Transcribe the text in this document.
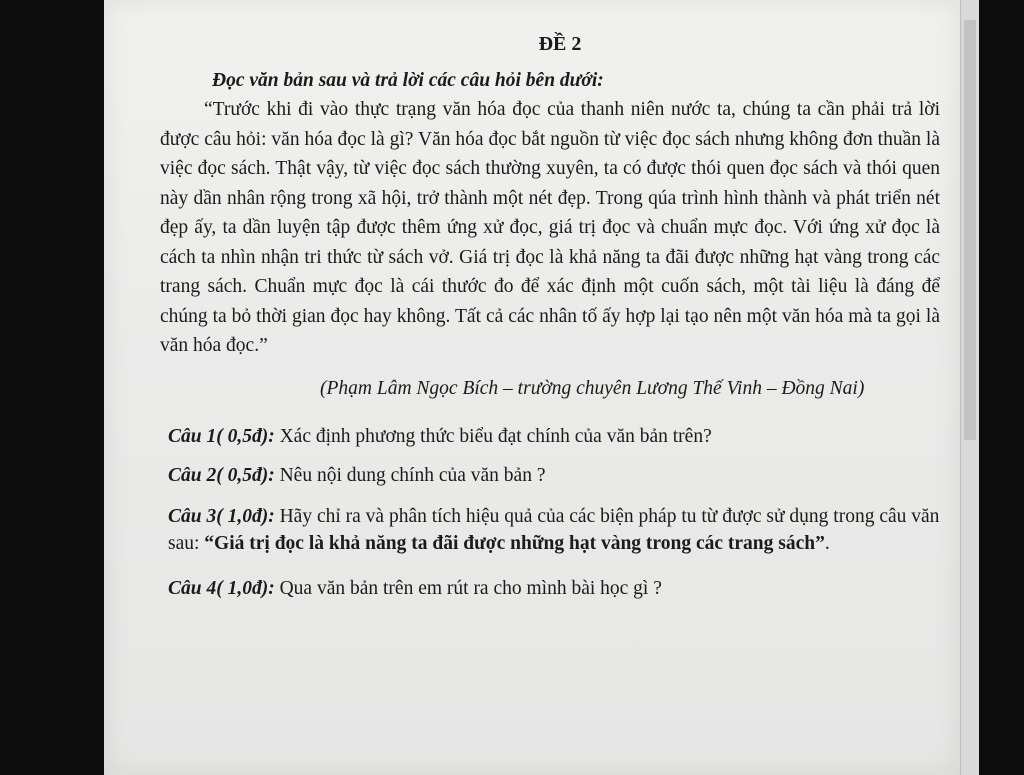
ĐỀ 2

Đọc văn bản sau và trả lời các câu hỏi bên dưới:

“Trước khi đi vào thực trạng văn hóa đọc của thanh niên nước ta, chúng ta cần phải trả lời được câu hỏi: văn hóa đọc là gì? Văn hóa đọc bắt nguồn từ việc đọc sách nhưng không đơn thuần là việc đọc sách. Thật vậy, từ việc đọc sách thường xuyên, ta có được thói quen đọc sách và thói quen này dần nhân rộng trong xã hội, trở thành một nét đẹp. Trong qúa trình hình thành và phát triển nét đẹp ấy, ta dần luyện tập được thêm ứng xử đọc, giá trị đọc và chuẩn mực đọc. Với ứng xử đọc là cách ta nhìn nhận tri thức từ sách vở. Giá trị đọc là khả năng ta đãi được những hạt vàng trong các trang sách. Chuẩn mực đọc là cái thước đo để xác định một cuốn sách, một tài liệu là đáng để chúng ta bỏ thời gian đọc hay không. Tất cả các nhân tố ấy hợp lại tạo nên một văn hóa mà ta gọi là văn hóa đọc.”

(Phạm Lâm Ngọc Bích – trường chuyên Lương Thế Vinh – Đồng Nai)

Câu 1( 0,5đ): Xác định phương thức biểu đạt chính của văn bản trên?

Câu 2( 0,5đ): Nêu nội dung chính của văn bản ?

Câu 3( 1,0đ): Hãy chỉ ra và phân tích hiệu quả của các biện pháp tu từ được sử dụng trong câu văn sau: “Giá trị đọc là khả năng ta đãi được những hạt vàng trong các trang sách”.

Câu 4( 1,0đ): Qua văn bản trên em rút ra cho mình bài học gì ?
